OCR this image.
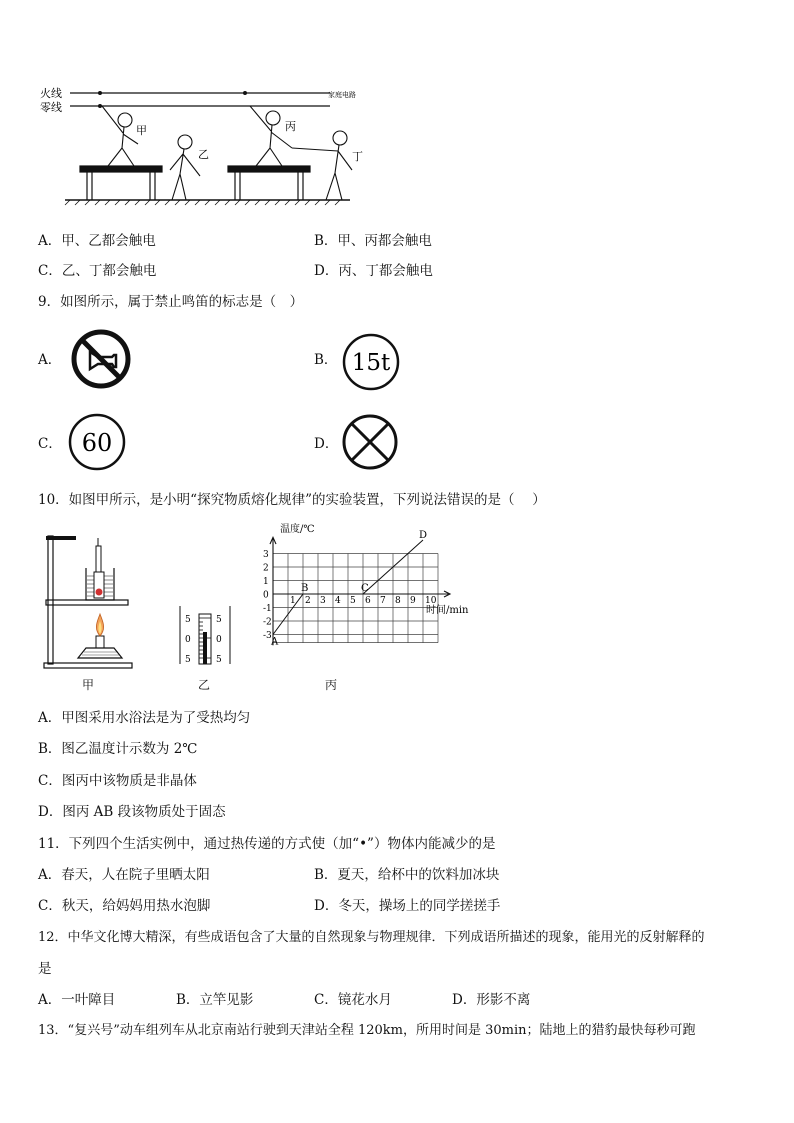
火线
零线
家庭电路
甲
乙
丙
丁
A．甲、乙都会触电	B．甲、丙都会触电
C．乙、丁都会触电	D．丙、丁都会触电
9．如图所示，属于禁止鸣笛的标志是（　）
A．	B． 15t
C． 60	D．
10．如图甲所示，是小明“探究物质熔化规律”的实验装置，下列说法错误的是（　 ）
甲
5
0
5
5
0
5
乙
3
2
1
0
-1
-2
-3
1 2 3 4 5 6 7 8 9 10
A
B	C
D
温度/℃
时间/min
丙
A．甲图采用水浴法是为了受热均匀
B．图乙温度计示数为 2℃
C．图丙中该物质是非晶体
D．图丙 AB 段该物质处于固态
11．下列四个生活实例中，通过热传递的方式使（加“•”）物体内能减少的是
A．春天，人在院子里晒太阳	B．夏天，给杯中的饮料加冰块
C．秋天，给妈妈用热水泡脚	D．冬天，操场上的同学搓搓手
12．中华文化博大精深，有些成语包含了大量的自然现象与物理规律．下列成语所描述的现象，能用光的反射解释的
是
A．一叶障目	B．立竿见影	C．镜花水月	D．形影不离
13．“复兴号”动车组列车从北京南站行驶到天津站全程 120km，所用时间是 30min；陆地上的猎豹最快每秒可跑
